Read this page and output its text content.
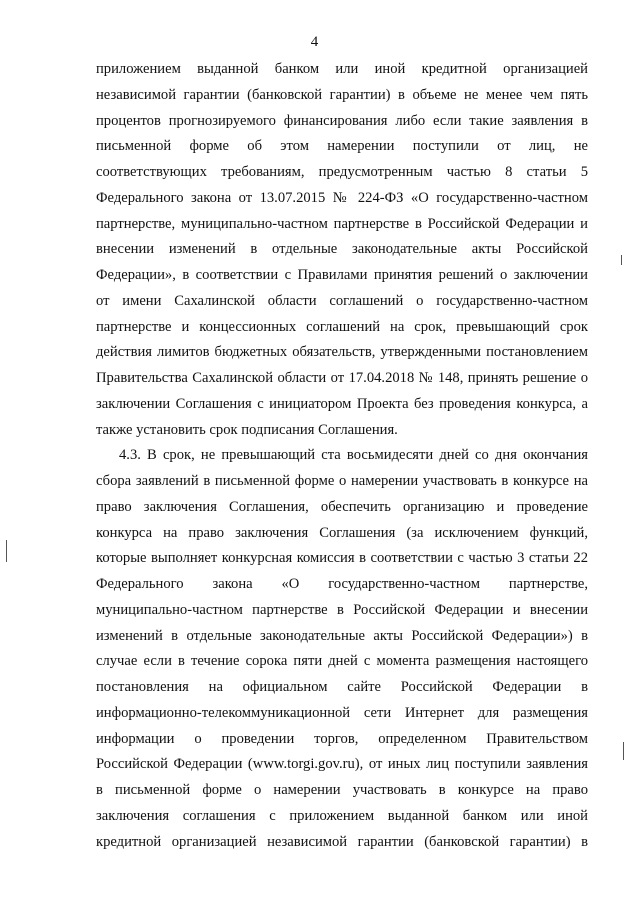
4
приложением выданной банком или иной кредитной организацией
независимой гарантии (банковской гарантии) в объеме не менее чем пять
процентов прогнозируемого финансирования либо если такие заявления в
письменной форме об этом намерении поступили от лиц, не
соответствующих требованиям, предусмотренным частью 8 статьи 5
Федерального закона от 13.07.2015 № 224-ФЗ «О государственно-частном
партнерстве, муниципально-частном партнерстве в Российской Федерации и
внесении изменений в отдельные законодательные акты Российской
Федерации», в соответствии с Правилами принятия решений о заключении
от имени Сахалинской области соглашений о государственно-частном
партнерстве и концессионных соглашений на срок, превышающий срок
действия лимитов бюджетных обязательств, утвержденными постановлением
Правительства Сахалинской области от 17.04.2018 № 148, принять решение о
заключении Соглашения с инициатором Проекта без проведения конкурса, а
также установить срок подписания Соглашения.
4.3. В срок, не превышающий ста восьмидесяти дней со дня окончания
сбора заявлений в письменной форме о намерении участвовать в конкурсе на
право заключения Соглашения, обеспечить организацию и проведение
конкурса на право заключения Соглашения (за исключением функций,
которые выполняет конкурсная комиссия в соответствии с частью 3 статьи 22
Федерального закона «О государственно-частном партнерстве,
муниципально-частном партнерстве в Российской Федерации и внесении
изменений в отдельные законодательные акты Российской Федерации») в
случае если в течение сорока пяти дней с момента размещения настоящего
постановления на официальном сайте Российской Федерации в
информационно-телекоммуникационной сети Интернет для размещения
информации о проведении торгов, определенном Правительством
Российской Федерации (www.torgi.gov.ru), от иных лиц поступили заявления
в письменной форме о намерении участвовать в конкурсе на право
заключения соглашения с приложением выданной банком или иной
кредитной организацией независимой гарантии (банковской гарантии) в
